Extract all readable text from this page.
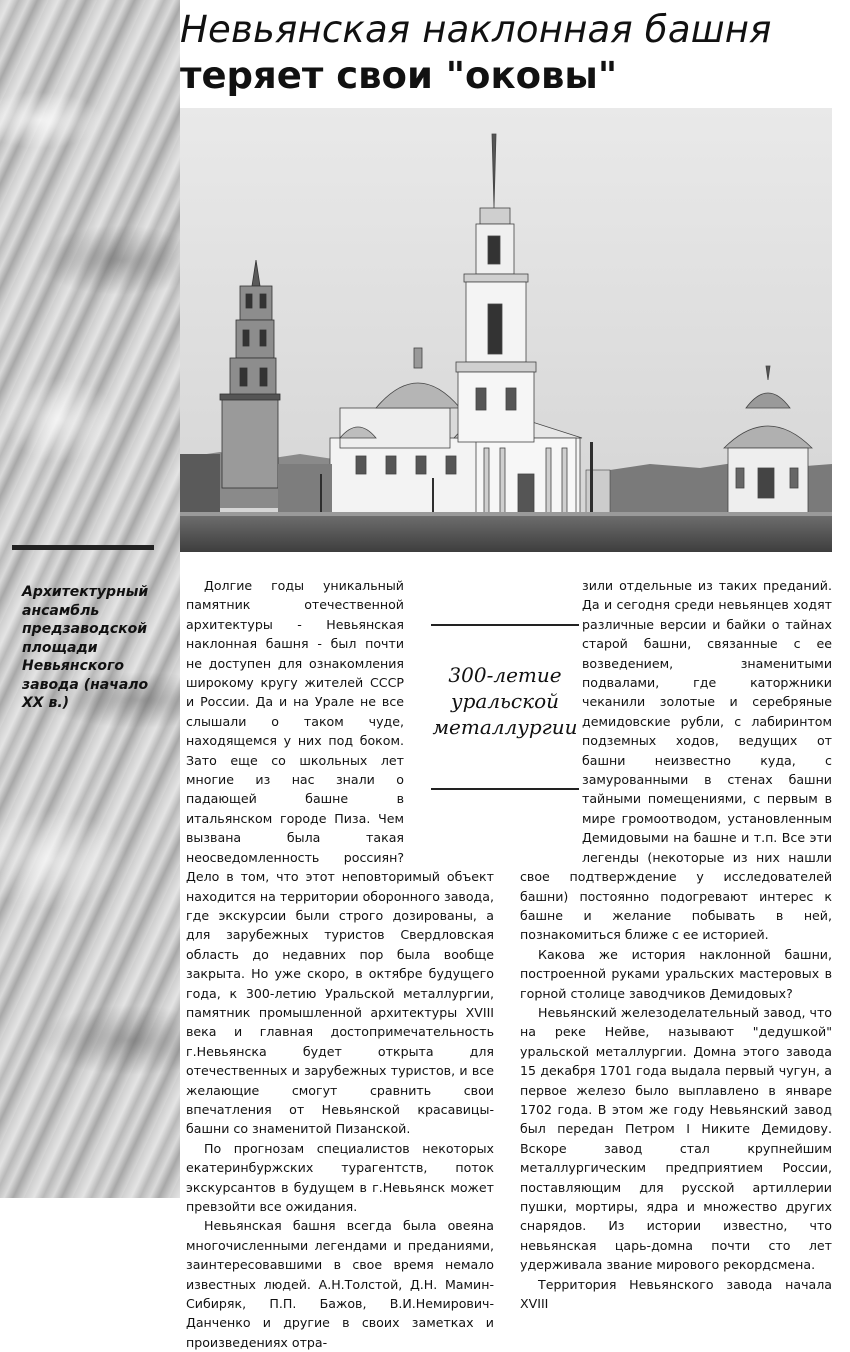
Архитектурный ансамбль предзаводской площади Невьянского завода (начало XX в.)
Невьянская наклонная башня
теряет свои "оковы"
300-летие уральской металлургии

Долгие годы уникальный памятник отечественной архитектуры - Невьянская наклонная башня - был почти не доступен для ознакомления широкому кругу жителей СССР и России. Да и на Урале не все слышали о таком чуде, находящемся у них под боком. Зато еще со школьных лет многие из нас знали о падающей башне в итальянском городе Пиза. Чем вызвана была такая неосведомленность россиян? Дело в том, что этот неповторимый объект находится на территории оборонного завода, где экскурсии были строго дозированы, а для зарубежных туристов Свердловская область до недавних пор была вообще закрыта. Но уже скоро, в октябре будущего года, к 300-летию Уральской металлургии, памятник промышленной архитектуры XVIII века и главная достопримечательность г.Невьянска будет открыта для отечественных и зарубежных туристов, и все желающие смогут сравнить свои впечатления от Невьянской красавицы-башни со знаменитой Пизанской.

По прогнозам специалистов некоторых екатеринбуржских турагентств, поток экскурсантов в будущем в г.Невьянск может превзойти все ожидания.

Невьянская башня всегда была овеяна многочисленными легендами и преданиями, заинтересовавшими в свое время немало известных людей. А.Н.Толстой, Д.Н. Мамин-Сибиряк, П.П. Бажов, В.И.Немирович-Данченко и другие в своих заметках и произведениях отра-

зили отдельные из таких преданий. Да и сегодня среди невьянцев ходят различные версии и байки о тайнах старой башни, связанные с ее возведением, знаменитыми подвалами, где каторжники чеканили золотые и серебряные демидовские рубли, с лабиринтом подземных ходов, ведущих от башни неизвестно куда, с замурованными в стенах башни тайными помещениями, с первым в мире громоотводом, установленным Демидовыми на башне и т.п. Все эти легенды (некоторые из них нашли свое подтверждение у исследователей башни) постоянно подогревают интерес к башне и желание побывать в ней, познакомиться ближе с ее историей.

Какова же история наклонной башни, построенной руками уральских мастеровых в горной столице заводчиков Демидовых?

Невьянский железоделательный завод, что на реке Нейве, называют "дедушкой" уральской металлургии. Домна этого завода 15 декабря 1701 года выдала первый чугун, а первое железо было выплавлено в январе 1702 года. В этом же году Невьянский завод был передан Петром I Никите Демидову. Вскоре завод стал крупнейшим металлургическим предприятием России, поставляющим для русской артиллерии пушки, мортиры, ядра и множество других снарядов. Из истории известно, что невьянская царь-домна почти сто лет удерживала звание мирового рекордсмена.

Территория Невьянского завода начала XVIII
